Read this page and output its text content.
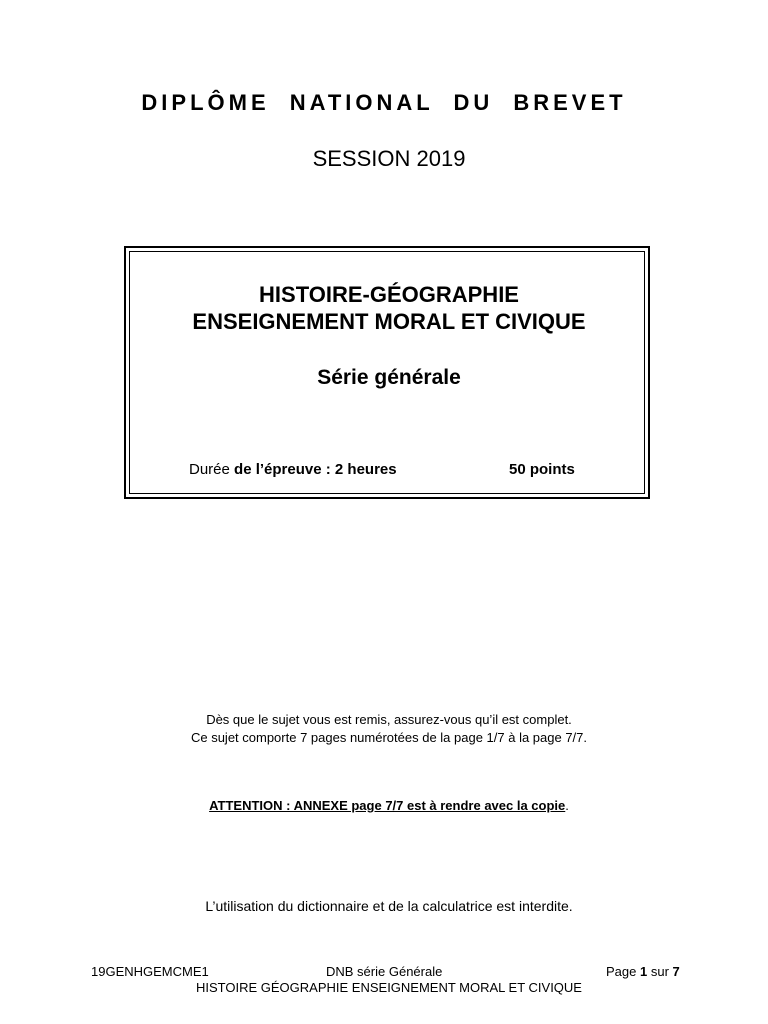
DIPLÔME NATIONAL DU BREVET
SESSION 2019
HISTOIRE-GÉOGRAPHIE
ENSEIGNEMENT MORAL ET CIVIQUE
Série générale
Durée de l’épreuve : 2 heures	50 points
Dès que le sujet vous est remis, assurez-vous qu’il est complet.
Ce sujet comporte 7 pages numérotées de la page 1/7 à la page 7/7.
ATTENTION : ANNEXE page 7/7 est à rendre avec la copie.
L’utilisation du dictionnaire et de la calculatrice est interdite.
19GENHGEMCME1	DNB série Générale	Page 1 sur 7
HISTOIRE GÉOGRAPHIE ENSEIGNEMENT MORAL ET CIVIQUE
